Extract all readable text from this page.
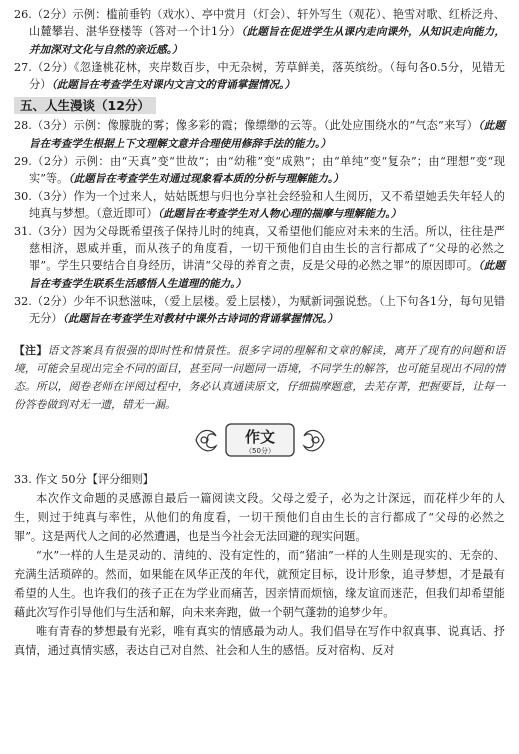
26.（2分）示例：槛前垂钓（戏水）、亭中赏月（灯会）、轩外写生（观花）、艳雪对歌、红桥泛舟、山麓攀岩、湛华登楼等（答对一个计1分）（此题旨在促进学生从课内走向课外，从知识走向能力，并加深对文化与自然的亲近感。）

27.（2分）《忽逢桃花林，夹岸数百步，中无杂树，芳草鲜美，落英缤纷。（每句各0.5分，见错无分）（此题旨在考查学生对课内文言文的背诵掌握情况。）

五、人生漫谈（12分）

28.（3分）示例：像朦胧的雾；像多彩的霞；像缥缈的云等。（此处应围绕水的“气态”来写）（此题旨在考查学生根据上下文理解文意并合理使用修辞手法的能力。）

29.（2分）示例：由“天真”变“世故”；由“幼稚”变“成熟”；由“单纯”变“复杂”；由“理想”变“现实”等。（此题旨在考查学生对通过现象看本质的分析与理解能力。）

30.（3分）作为一个过来人，姑姑既想与归也分享社会经验和人生阅历，又不希望她丢失年轻人的纯真与梦想。（意近即可）（此题旨在考查学生对人物心理的揣摩与理解能力。）

31.（3分）因为父母既希望孩子保持儿时的纯真，又希望他们能应对未来的生活。所以，往往是严慈相济，恩威并重，而从孩子的角度看，一切干预他们自由生长的言行都成了“父母的必然之罪”。学生只要结合自身经历，讲清“父母的养育之责，反是父母的必然之罪”的原因即可。（此题旨在考查学生联系生活感悟人生道理的能力。）

32.（2分）少年不识愁滋味，（爱上层楼。爱上层楼），为赋新词强说愁。（上下句各1分，每句见错无分）（此题旨在考查学生对教材中课外古诗词的背诵掌握情况。）

【注】语文答案具有很强的即时性和情景性。很多字词的理解和文章的解读，离开了现有的问题和语境，可能会呈现出完全不同的面目，甚至同一问题同一语境，不同学生的解答，也可能呈现出不同的情态。所以，阅卷老师在评阅过程中，务必认真通读原文，仔细揣摩题意，去芜存菁，把握要旨，让每一份答卷做到对无一遗，错无一漏。

作文
（50分）

33. 作文 50分【评分细则】

本次作文命题的灵感源自最后一篇阅读文段。父母之爱子，必为之计深远，而花样少年的人生，则过于纯真与率性，从他们的角度看，一切干预他们自由生长的言行都成了“父母的必然之罪”。这是两代人之间的必然遭遇，也是当今社会无法回避的现实问题。

“水”一样的人生是灵动的、清纯的、没有定性的，而“猪油”一样的人生则是现实的、无奈的、充满生活琐碎的。然而，如果能在风华正茂的年代，就预定目标，设计形象，追寻梦想，才是最有希望的人生。也许我们的孩子正在为学业而痛苦，因亲情而烦恼，缘友谊而迷茫，但我们却希望能藉此次写作引导他们与生活和解，向未来奔跑，做一个朝气蓬勃的追梦少年。

唯有青春的梦想最有光彩，唯有真实的情感最为动人。我们倡导在写作中叙真事、说真话、抒真情，通过真情实感，表达自己对自然、社会和人生的感悟。反对宿构、反对
